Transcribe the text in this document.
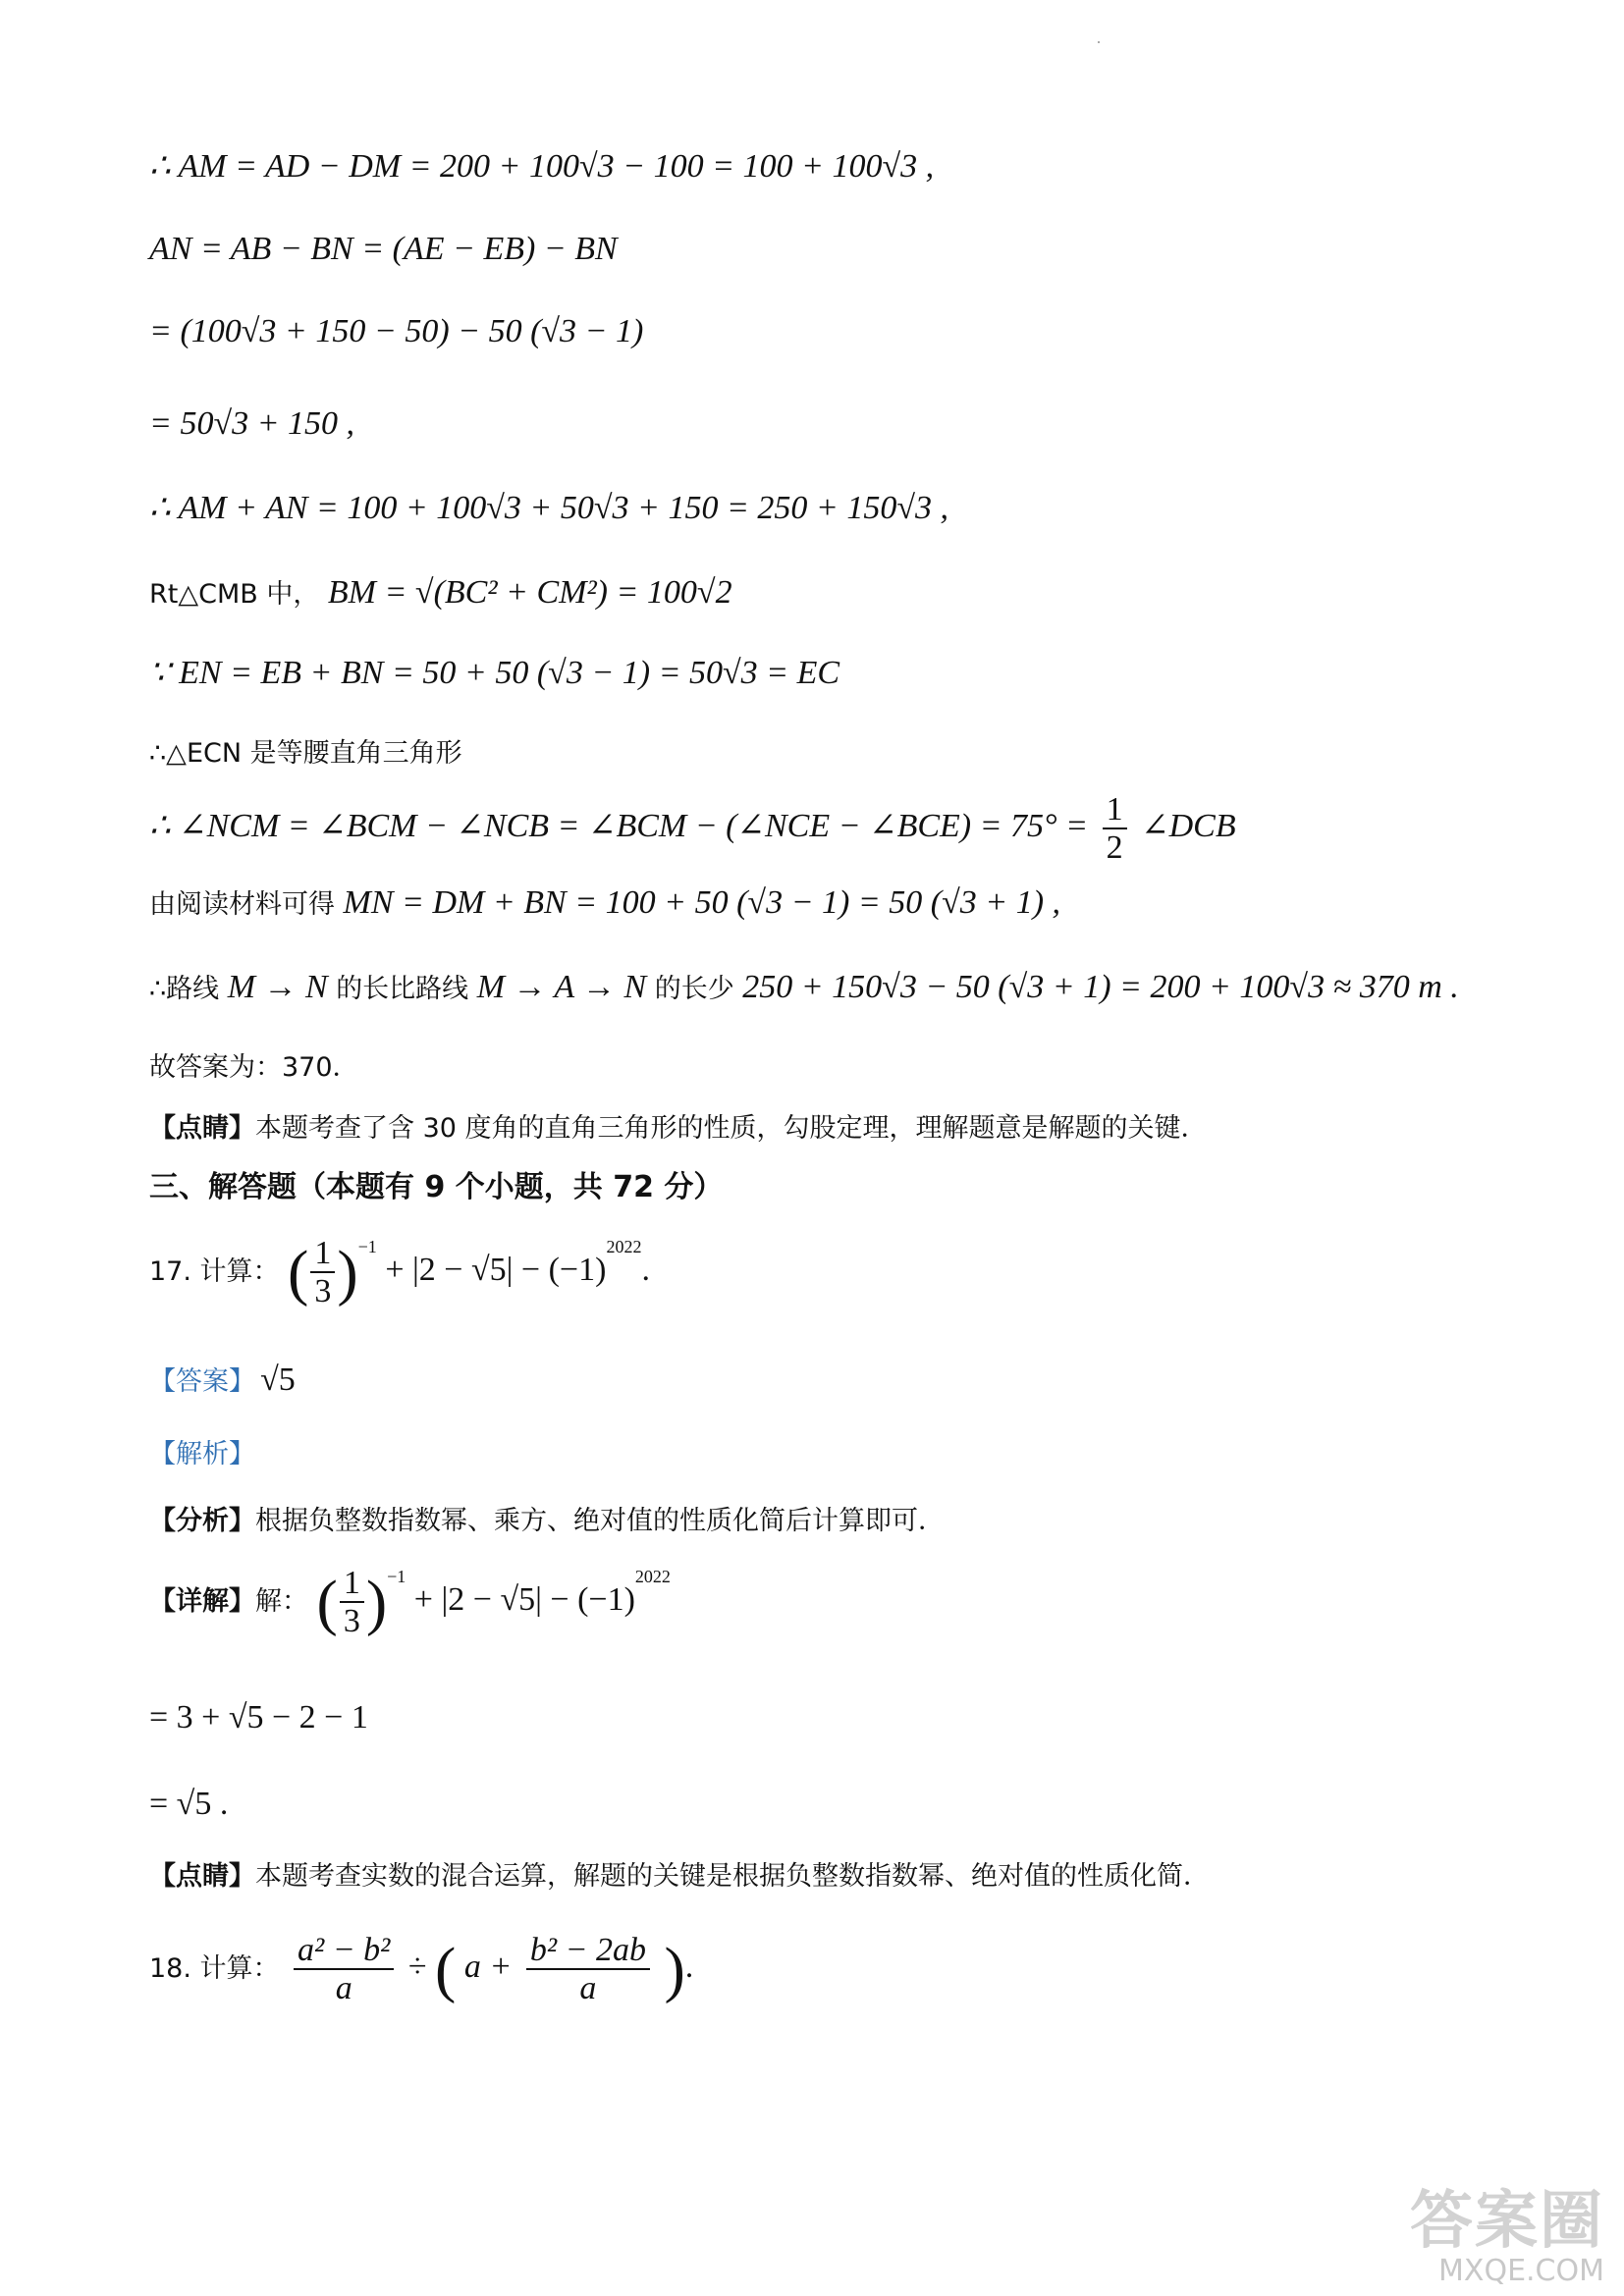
∴ AM = AD − DM = 200 + 100√3 − 100 = 100 + 100√3 ,
AN = AB − BN = (AE − EB) − BN
= (100√3 + 150 − 50) − 50 (√3 − 1)
= 50√3 + 150 ,
∴ AM + AN = 100 + 100√3 + 50√3 + 150 = 250 + 150√3 ,
Rt△CMB 中， BM = √(BC² + CM²) = 100√2
∵ EN = EB + BN = 50 + 50 (√3 − 1) = 50√3 = EC
∴△ECN 是等腰直角三角形
∴ ∠NCM = ∠BCM − ∠NCB = ∠BCM − (∠NCE − ∠BCE) = $75^\circ = \frac{1}{2}$ ∠DCB
由阅读材料可得 MN = DM + BN = 100 + 50 (√3 − 1) = 50 (√3 + 1) ,
∴路线 M → N 的长比路线 M → A → N 的长少 250 + 150√3 − 50 (√3 + 1) = 200 + 100√3 ≈ 370 m .
故答案为：370．
【点睛】本题考查了含 30 度角的直角三角形的性质，勾股定理，理解题意是解题的关键．
三、解答题（本题有 9 个小题，共 72 分）
17. 计算： ( $\frac{1}{3} )^{-1} + |2 - √5| - (-1)^{2022}$.
【答案】 √5
【解析】
【分析】根据负整数指数幂、乘方、绝对值的性质化简后计算即可．
【详解】解： ( $\frac{1}{3} )^{-1} + |2 - √5| - (-1)^{2022}$
= 3 + √5 − 2 − 1
= √5 .
【点睛】本题考查实数的混合运算，解题的关键是根据负整数指数幂、绝对值的性质化简．
18. 计算： $\frac{\text{a² − b²}}{a}$ ÷ ( $a + \frac{\text{b² − 2ab}}{a}$ ).
答案圈
MXQE.COM
